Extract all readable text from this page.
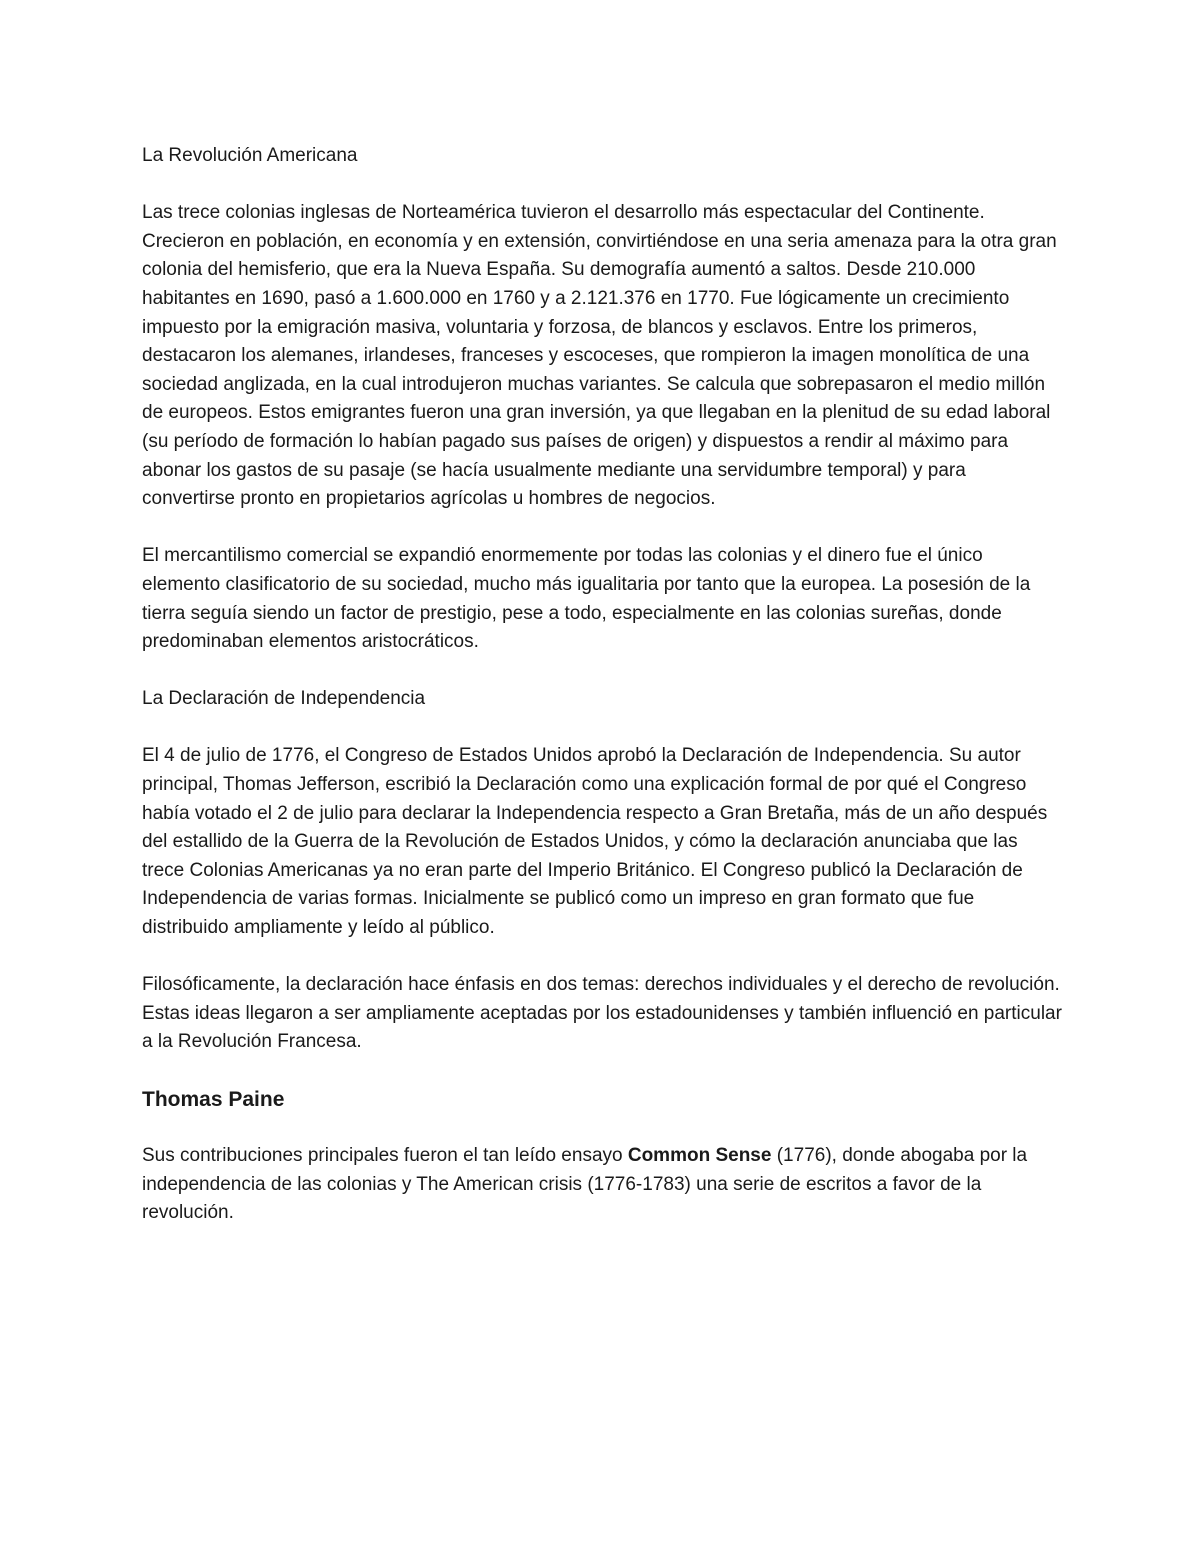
La Revolución Americana

Las trece colonias inglesas de Norteamérica tuvieron el desarrollo más espectacular del Continente. Crecieron en población, en economía y en extensión, convirtiéndose en una seria amenaza para la otra gran colonia del hemisferio, que era la Nueva España. Su demografía aumentó a saltos. Desde 210.000 habitantes en 1690, pasó a 1.600.000 en 1760 y a 2.121.376 en 1770. Fue lógicamente un crecimiento impuesto por la emigración masiva, voluntaria y forzosa, de blancos y esclavos. Entre los primeros, destacaron los alemanes, irlandeses, franceses y escoceses, que rompieron la imagen monolítica de una sociedad anglizada, en la cual introdujeron muchas variantes. Se calcula que sobrepasaron el medio millón de europeos. Estos emigrantes fueron una gran inversión, ya que llegaban en la plenitud de su edad laboral (su período de formación lo habían pagado sus países de origen) y dispuestos a rendir al máximo para abonar los gastos de su pasaje (se hacía usualmente mediante una servidumbre temporal) y para convertirse pronto en propietarios agrícolas u hombres de negocios.

El mercantilismo comercial se expandió enormemente por todas las colonias y el dinero fue el único elemento clasificatorio de su sociedad, mucho más igualitaria por tanto que la europea. La posesión de la tierra seguía siendo un factor de prestigio, pese a todo, especialmente en las colonias sureñas, donde predominaban elementos aristocráticos.

La Declaración de Independencia

El 4 de julio de 1776, el Congreso de Estados Unidos aprobó la Declaración de Independencia. Su autor principal, Thomas Jefferson, escribió la Declaración como una explicación formal de por qué el Congreso había votado el 2 de julio para declarar la Independencia respecto a Gran Bretaña, más de un año después del estallido de la Guerra de la Revolución de Estados Unidos, y cómo la declaración anunciaba que las trece Colonias Americanas ya no eran parte del Imperio Británico. El Congreso publicó la Declaración de Independencia de varias formas. Inicialmente se publicó como un impreso en gran formato que fue distribuido ampliamente y leído al público.

Filosóficamente, la declaración hace énfasis en dos temas: derechos individuales y el derecho de revolución. Estas ideas llegaron a ser ampliamente aceptadas por los estadounidenses y también influenció en particular a la Revolución Francesa.

Thomas Paine

Sus contribuciones principales fueron el tan leído ensayo Common Sense (1776), donde abogaba por la independencia de las colonias y The American crisis (1776-1783) una serie de escritos a favor de la revolución.
